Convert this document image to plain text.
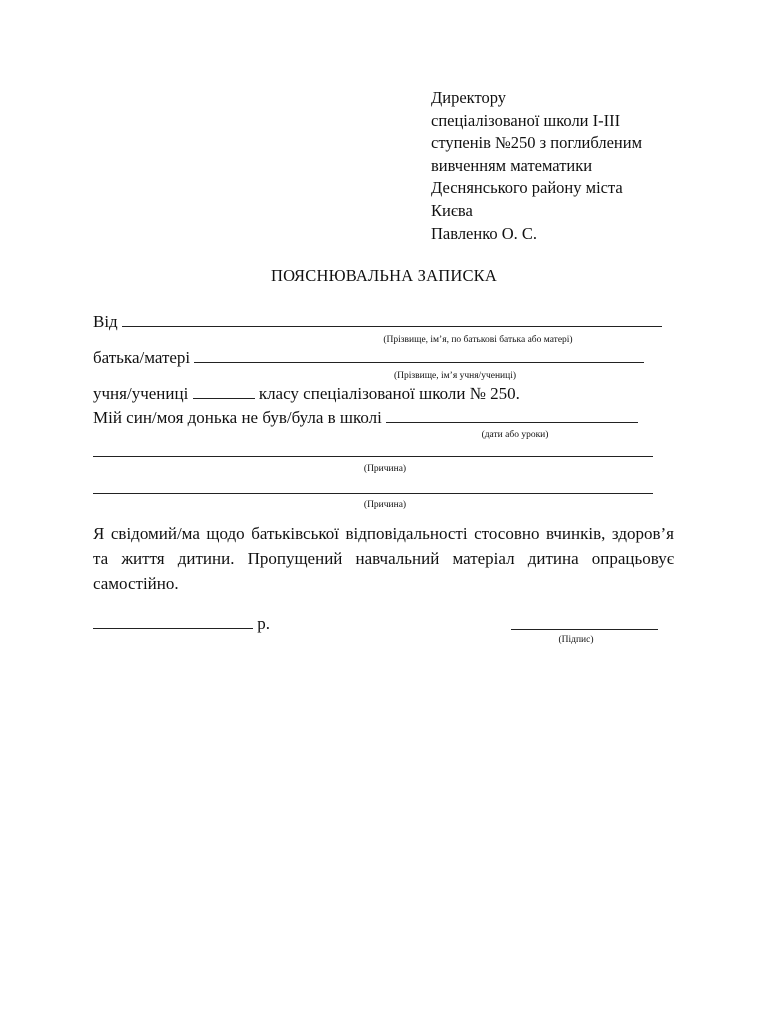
Директору
спеціалізованої школи І-ІІІ
ступенів №250 з поглибленим
вивченням математики
Деснянського району міста
Києва
Павленко О. С.
ПОЯСНЮВАЛЬНА ЗАПИСКА
Від
(Прізвище, ім’я, по батькові батька або матері)
батька/матері
(Прізвище, ім’я учня/учениці)
учня/учениці	класу спеціалізованої школи № 250.
Мій син/моя донька не був/була в школі
(дати або уроки)
(Причина)
(Причина)
Я свідомий/ма щодо батьківської відповідальності стосовно вчинків, здоров’я та життя дитини. Пропущений навчальний матеріал дитина опрацьовує самостійно.
р.
(Підпис)
